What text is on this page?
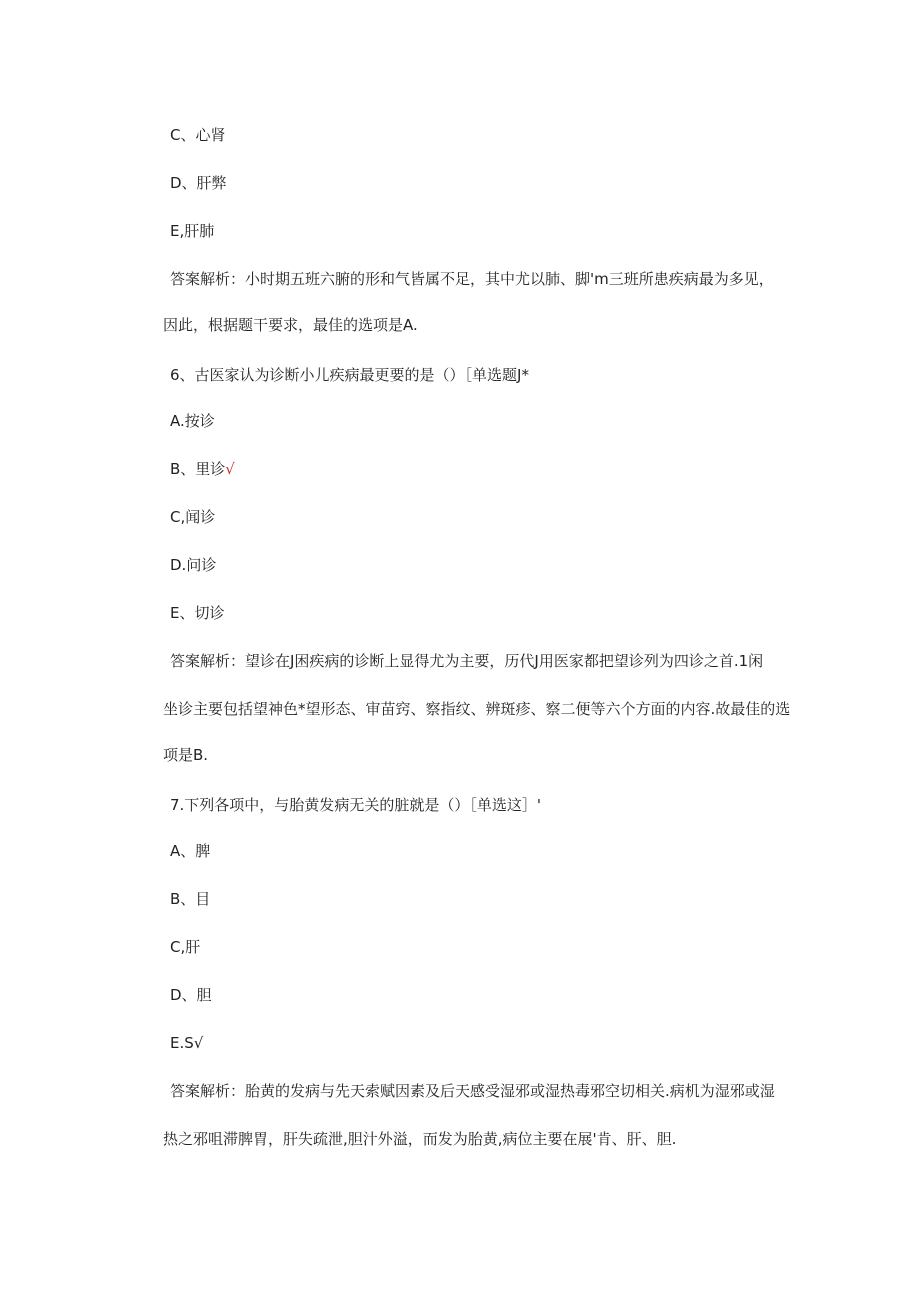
C、心肾

D、肝弊

E,肝肺

答案解析：小时期五班六腑的形和气皆属不足，其中尤以肺、脚'm三班所患疾病最为多见，

因此，根据题干要求，最佳的选项是A.

6、古医家认为诊断小儿疾病最更要的是（）［单选题J*

A.按诊

B、里诊√

C,闻诊

D.问诊

E、切诊

答案解析：望诊在J困疾病的诊断上显得尤为主要，历代J用医家都把望诊列为四诊之首.1闲

坐诊主要包括望神色*望形态、审苗窍、察指纹、辨斑疹、察二便等六个方面的内容.故最佳的选

项是B.

7.下列各项中，与胎黄发病无关的脏就是（）［单选这］'

A、脾

B、目

C,肝

D、胆

E.S√

答案解析：胎黄的发病与先天索赋因素及后天感受湿邪或湿热毒邪空切相关.病机为湿邪或湿

热之邪咀滞脾胃，肝失疏泄,胆汁外溢，而发为胎黄,病位主要在展'肯、肝、胆.
